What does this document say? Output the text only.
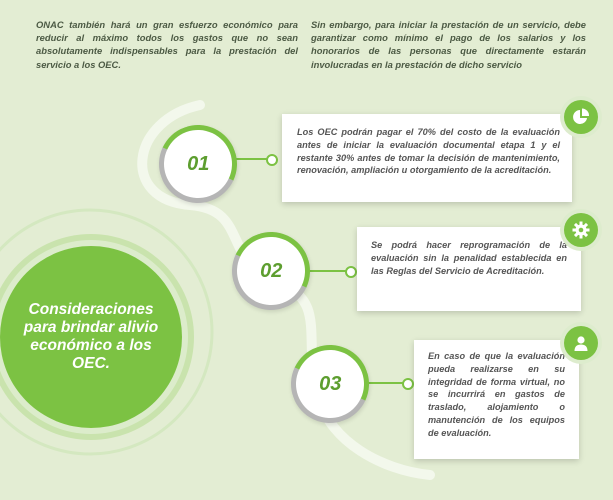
ONAC también hará un gran esfuerzo económico para reducir al máximo todos los gastos que no sean absolutamente indispensables para la prestación del servicio a los OEC.
Sin embargo, para iniciar la prestación de un servicio, debe garantizar como mínimo el pago de los salarios y los honorarios de las personas que directamente estarán involucradas en la prestación de dicho servicio
Consideraciones para brindar alivio económico a los OEC.
01
Los OEC podrán pagar el 70% del costo de la evaluación antes de iniciar la evaluación documental etapa 1 y el restante 30% antes de tomar la decisión de mantenimiento, renovación, ampliación u otorgamiento de la acreditación.
02
Se podrá hacer reprogramación de la evaluación sin la penalidad establecida en las Reglas del Servicio de Acreditación.
03
En caso de que la evaluación pueda realizarse en su integridad de forma virtual, no se incurrirá en gastos de traslado, alojamiento o manutención de los equipos de evaluación.
